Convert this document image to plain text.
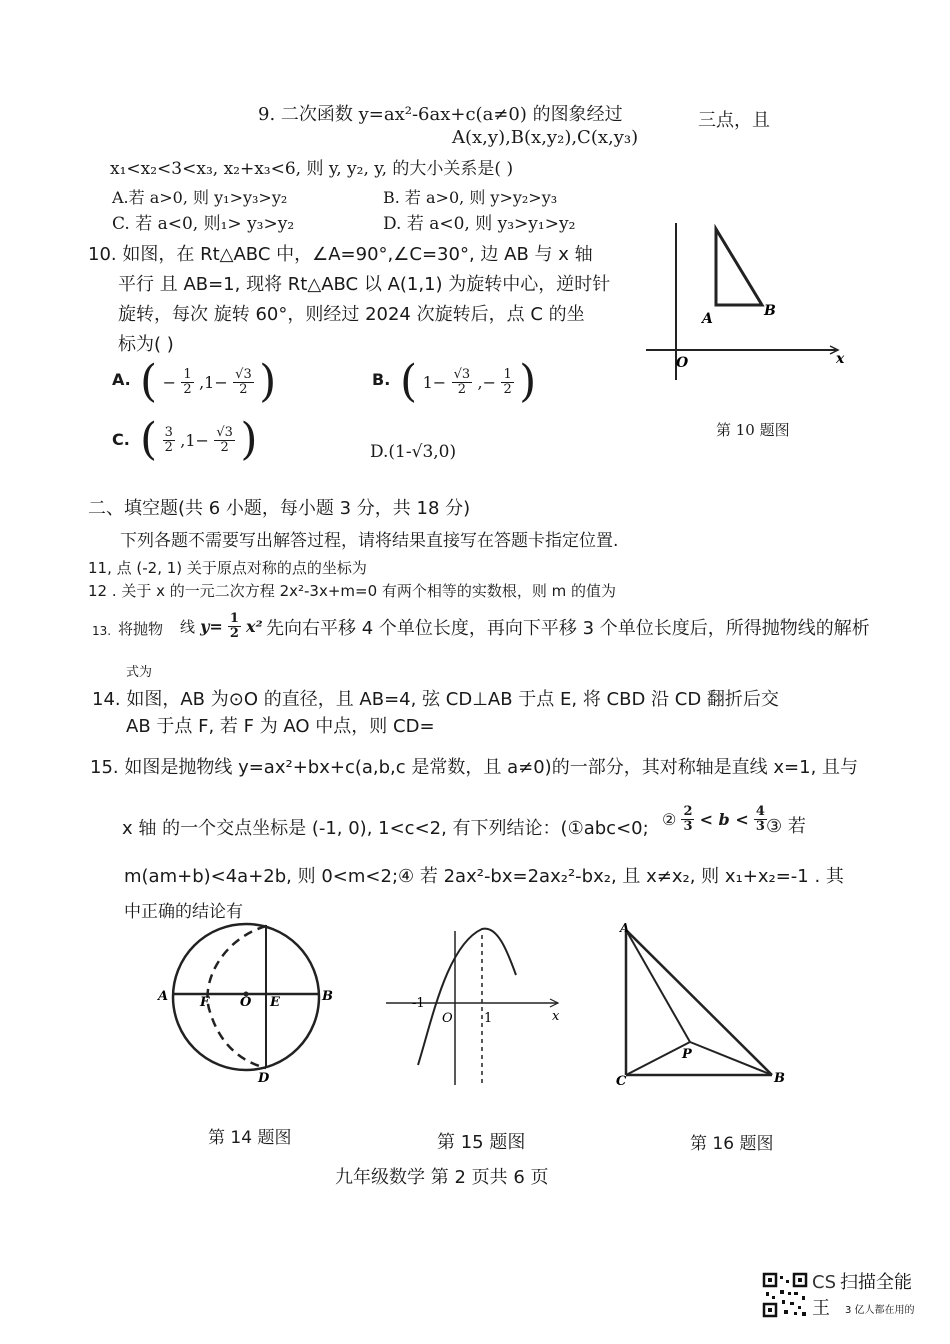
9. 二次函数 y=ax²-6ax+c(a≠0) 的图象经过
A(x,y),B(x,y₂),C(x,y₃)
三点，且
x₁<x₂<3<x₃, x₂+x₃<6, 则 y, y₂, y, 的大小关系是( )
A.若 a>0, 则 y₁>y₃>y₂	B. 若 a>0, 则 y>y₂>y₃
C. 若 a<0, 则₁> y₃>y₂	D. 若 a<0, 则 y₃>y₁>y₂
10. 如图，在 Rt△ABC 中，∠A=90°,∠C=30°, 边 AB 与 x 轴
平行 且 AB=1, 现将 Rt△ABC 以 A(1,1) 为旋转中心，逆时针
旋转，每次 旋转 60°，则经过 2024 次旋转后，点 C 的坐
标为( )
A. ( − $\frac{1}{2} ,1- \frac{√3}{2}$ )	B. ( $1- \frac{√3}{2}$ ,− $\frac{1}{2}$ )
C. ( $\frac{3}{2} ,1- \frac{√3}{2}$ )	D.(1-√3,0)
A	B
O	x
第 10 题图
二、填空题(共 6 小题，每小题 3 分，共 18 分)
下列各题不需要写出解答过程，请将结果直接写在答题卡指定位置.
11, 点 (-2, 1) 关于原点对称的点的坐标为
12 . 关于 x 的一元二次方程 2x²-3x+m=0 有两个相等的实数根，则 m 的值为
13. 将抛物 线 $y= \frac{1}{2} x^2$ 先向右平移 4 个单位长度，再向下平移 3 个单位长度后，所得抛物线的解析
式为
14. 如图，AB 为⊙O 的直径，且 AB=4, 弦 CD⊥AB 于点 E, 将 CBD 沿 CD 翻折后交
AB 于点 F, 若 F 为 AO 中点，则 CD=
15. 如图是抛物线 y=ax²+bx+c(a,b,c 是常数，且 a≠0)的一部分，其对称轴是直线 x=1, 且与
x 轴 的一个交点坐标是 (-1, 0), 1<c<2, 有下列结论：(①abc<0; ② $\frac{2}{3} < b < \frac{4}{3}$ ③ 若
m(am+b)<4a+2b, 则 0<m<2;④ 若 2ax²-bx=2ax₂²-bx₂, 且 x≠x₂, 则 x₁+x₂=-1 . 其
中正确的结论有
A	B
F O E
D
第 14 题图
-1
O 1	x
第 15 题图
A
P
C	B
第 16 题图
九年级数学 第 2 页共 6 页
CS 扫描全能
王 3 亿人都在用的
